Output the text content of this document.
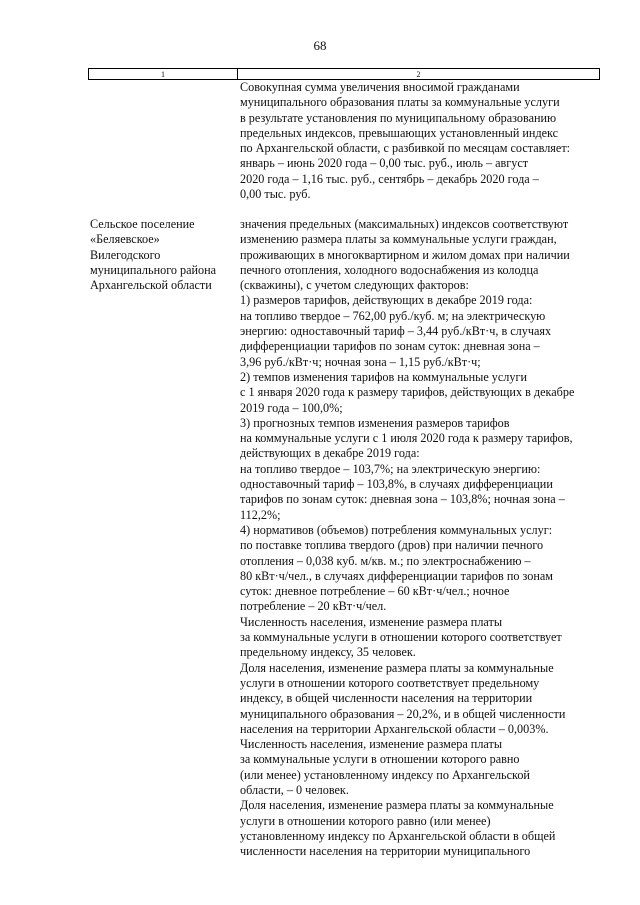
68
1	2
Совокупная сумма увеличения вносимой гражданами
муниципального образования платы за коммунальные услуги
в результате установления по муниципальному образованию
предельных индексов, превышающих установленный индекс
по Архангельской области, с разбивкой по месяцам составляет:
январь – июнь 2020 года – 0,00 тыс. руб., июль – август
2020 года – 1,16 тыс. руб., сентябрь – декабрь 2020 года –
0,00 тыс. руб.
Сельское поселение
«Беляевское»
Вилегодского
муниципального района
Архангельской области
значения предельных (максимальных) индексов соответствуют
изменению размера платы за коммунальные услуги граждан,
проживающих в многоквартирном и жилом домах при наличии
печного отопления, холодного водоснабжения из колодца
(скважины), с учетом следующих факторов:
1) размеров тарифов, действующих в декабре 2019 года:
на топливо твердое – 762,00 руб./куб. м; на электрическую
энергию: одноставочный тариф – 3,44 руб./кВт·ч, в случаях
дифференциации тарифов по зонам суток: дневная зона –
3,96 руб./кВт·ч; ночная зона – 1,15 руб./кВт·ч;
2) темпов изменения тарифов на коммунальные услуги
с 1 января 2020 года к размеру тарифов, действующих в декабре
2019 года – 100,0%;
3) прогнозных темпов изменения размеров тарифов
на коммунальные услуги с 1 июля 2020 года к размеру тарифов,
действующих в декабре 2019 года:
на топливо твердое – 103,7%; на электрическую энергию:
одноставочный тариф – 103,8%, в случаях дифференциации
тарифов по зонам суток: дневная зона – 103,8%; ночная зона –
112,2%;
4) нормативов (объемов) потребления коммунальных услуг:
по поставке топлива твердого (дров) при наличии печного
отопления – 0,038 куб. м/кв. м.; по электроснабжению –
80 кВт·ч/чел., в случаях дифференциации тарифов по зонам
суток: дневное потребление – 60 кВт·ч/чел.; ночное
потребление – 20 кВт·ч/чел.
Численность населения, изменение размера платы
за коммунальные услуги в отношении которого соответствует
предельному индексу, 35 человек.
Доля населения, изменение размера платы за коммунальные
услуги в отношении которого соответствует предельному
индексу, в общей численности населения на территории
муниципального образования – 20,2%, и в общей численности
населения на территории Архангельской области – 0,003%.
Численность населения, изменение размера платы
за коммунальные услуги в отношении которого равно
(или менее) установленному индексу по Архангельской
области, – 0 человек.
Доля населения, изменение размера платы за коммунальные
услуги в отношении которого равно (или менее)
установленному индексу по Архангельской области в общей
численности населения на территории муниципального
